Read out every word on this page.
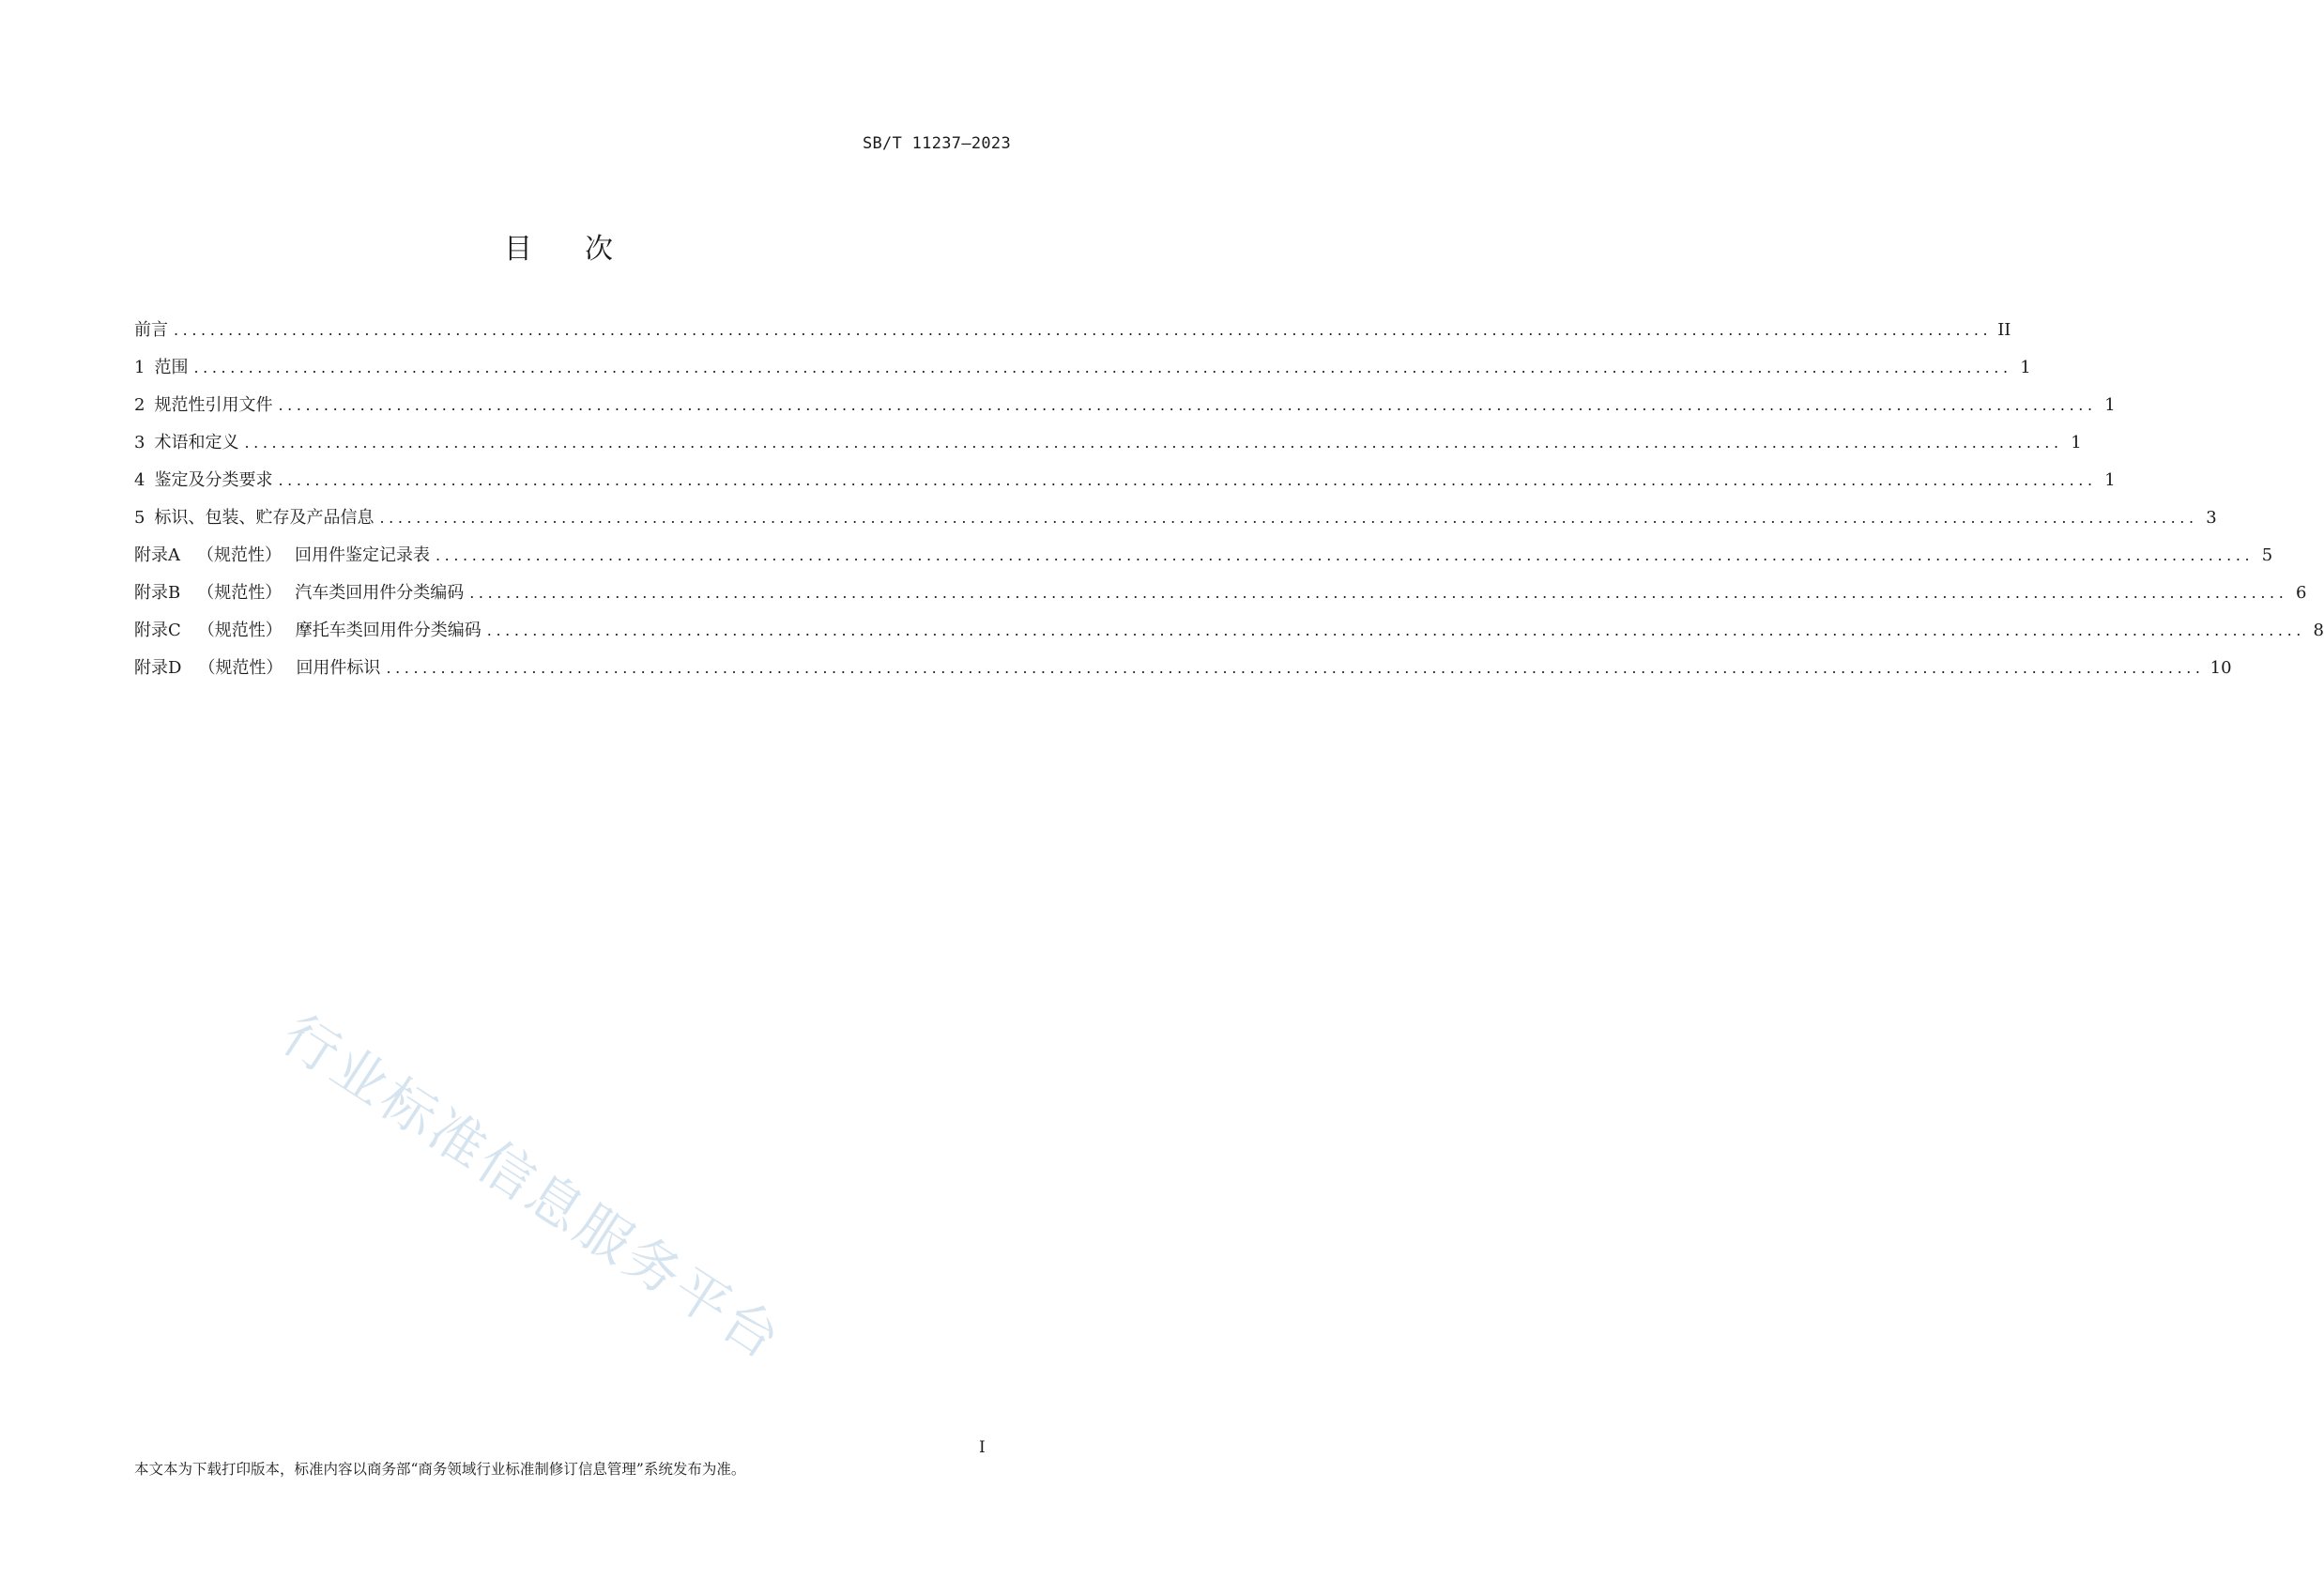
SB/T 11237—2023
目次
前言 ........................................................................................................................................................................................................ II
1 范围 ........................................................................................................................................................................................................ 1
2 规范性引用文件 ........................................................................................................................................................................................................ 1
3 术语和定义 ........................................................................................................................................................................................................ 1
4 鉴定及分类要求 ........................................................................................................................................................................................................ 1
5 标识、包装、贮存及产品信息 ........................................................................................................................................................................................................ 3
附录A （规范性） 回用件鉴定记录表 ........................................................................................................................................................................................................ 5
附录B （规范性） 汽车类回用件分类编码 ........................................................................................................................................................................................................ 6
附录C （规范性） 摩托车类回用件分类编码 ........................................................................................................................................................................................................ 8
附录D （规范性） 回用件标识 ........................................................................................................................................................................................................ 10
行业标准信息服务平台
I
本文本为下载打印版本，标准内容以商务部“商务领域行业标准制修订信息管理”系统发布为准。
